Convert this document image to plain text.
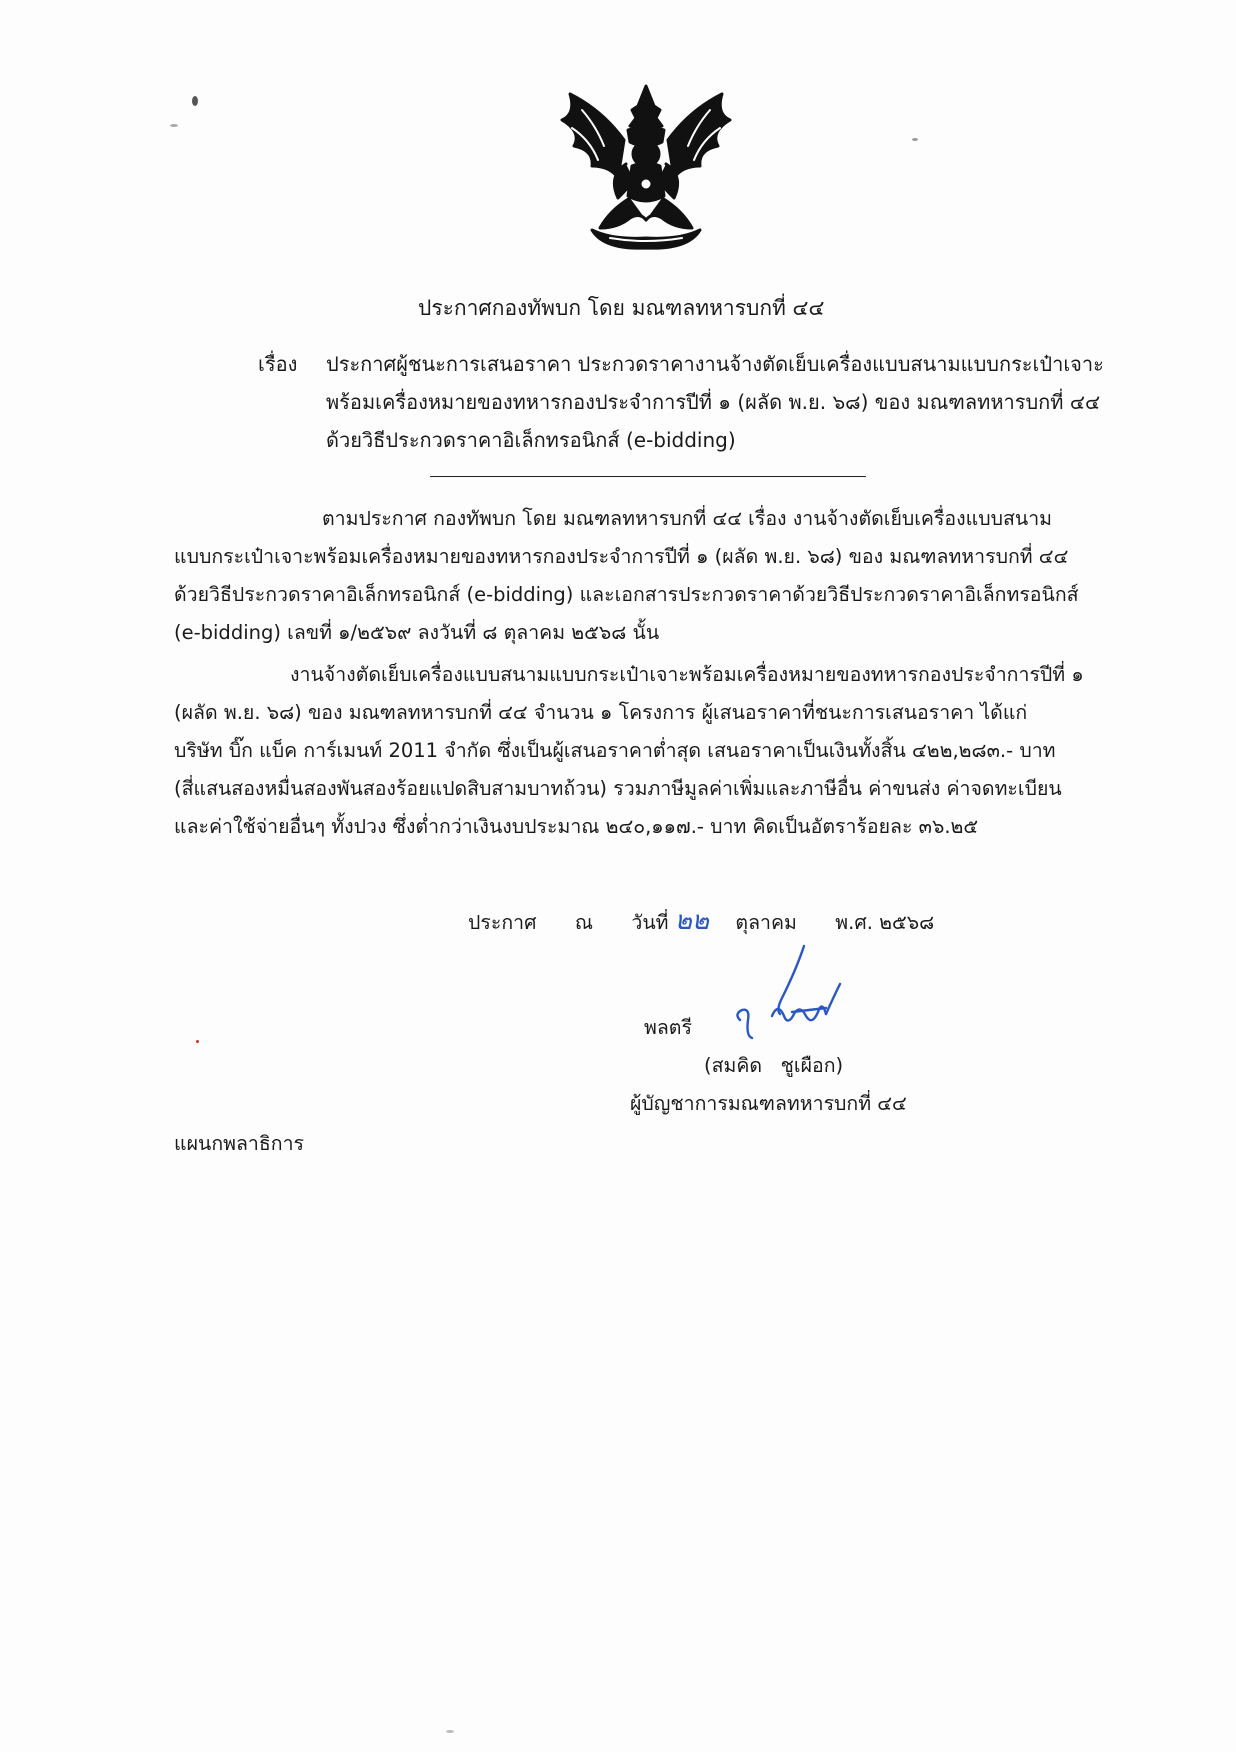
ประกาศกองทัพบก โดย มณฑลทหารบกที่ ๔๔
เรื่อง ประกาศผู้ชนะการเสนอราคา ประกวดราคางานจ้างตัดเย็บเครื่องแบบสนามแบบกระเป๋าเจาะ
พร้อมเครื่องหมายของทหารกองประจำการปีที่ ๑ (ผลัด พ.ย. ๖๘) ของ มณฑลทหารบกที่ ๔๔
ด้วยวิธีประกวดราคาอิเล็กทรอนิกส์ (e-bidding)
ตามประกาศ กองทัพบก โดย มณฑลทหารบกที่ ๔๔ เรื่อง งานจ้างตัดเย็บเครื่องแบบสนาม
แบบกระเป๋าเจาะพร้อมเครื่องหมายของทหารกองประจำการปีที่ ๑ (ผลัด พ.ย. ๖๘) ของ มณฑลทหารบกที่ ๔๔
ด้วยวิธีประกวดราคาอิเล็กทรอนิกส์ (e-bidding) และเอกสารประกวดราคาด้วยวิธีประกวดราคาอิเล็กทรอนิกส์
(e-bidding) เลขที่ ๑/๒๕๖๙ ลงวันที่ ๘ ตุลาคม ๒๕๖๘ นั้น
งานจ้างตัดเย็บเครื่องแบบสนามแบบกระเป๋าเจาะพร้อมเครื่องหมายของทหารกองประจำการปีที่ ๑
(ผลัด พ.ย. ๖๘) ของ มณฑลทหารบกที่ ๔๔ จำนวน ๑ โครงการ ผู้เสนอราคาที่ชนะการเสนอราคา ได้แก่
บริษัท บิ๊ก แบ็ค การ์เมนท์ 2011 จำกัด ซึ่งเป็นผู้เสนอราคาต่ำสุด เสนอราคาเป็นเงินทั้งสิ้น ๔๒๒,๒๘๓.- บาท
(สี่แสนสองหมื่นสองพันสองร้อยแปดสิบสามบาทถ้วน) รวมภาษีมูลค่าเพิ่มและภาษีอื่น ค่าขนส่ง ค่าจดทะเบียน
และค่าใช้จ่ายอื่นๆ ทั้งปวง ซึ่งต่ำกว่าเงินงบประมาณ ๒๔๐,๑๑๗.- บาท คิดเป็นอัตราร้อยละ ๓๖.๒๕
ประกาศ ณ วันที่ ๒๒ ตุลาคม พ.ศ. ๒๕๖๘
พลตรี
(สมคิด   ชูเผือก)
ผู้บัญชาการมณฑลทหารบกที่ ๔๔
แผนกพลาธิการ
